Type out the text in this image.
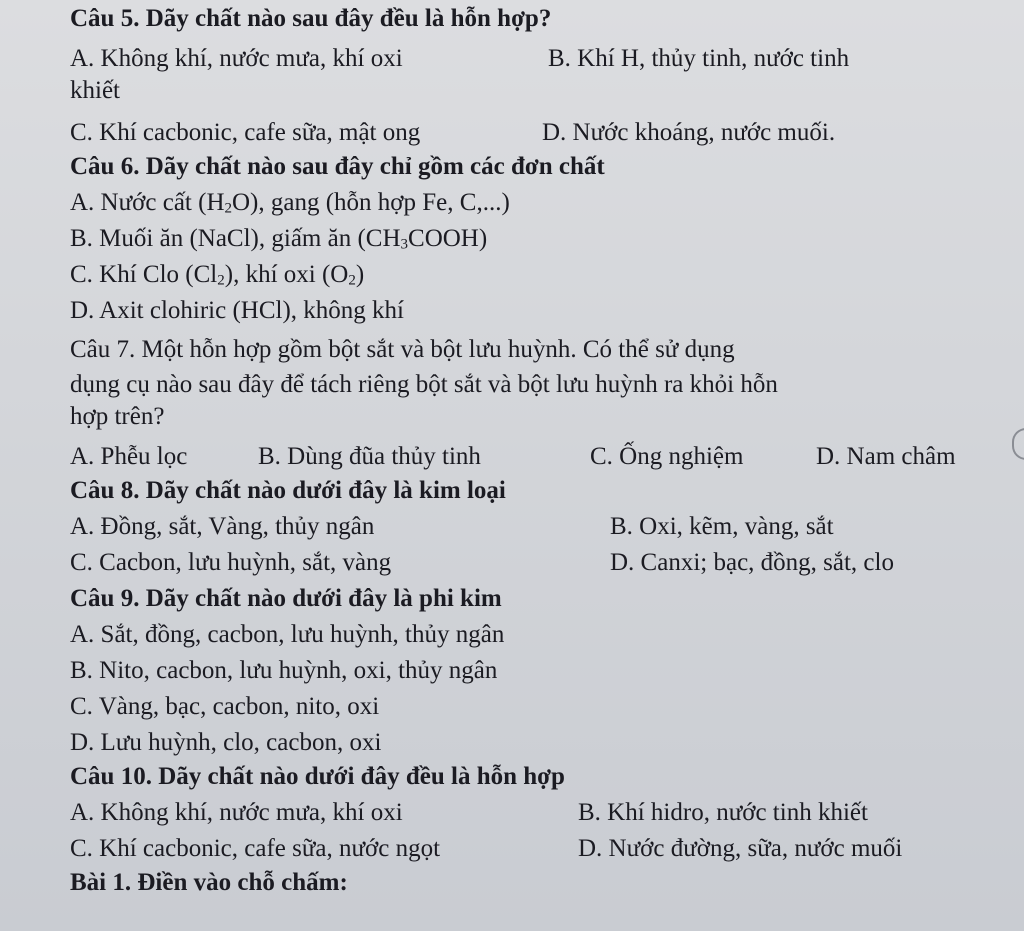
Câu 5. Dãy chất nào sau đây đều là hỗn hợp?
A. Không khí, nước mưa, khí oxi	B. Khí H, thủy tinh, nước tinh
khiết
C. Khí cacbonic, cafe sữa, mật ong	D. Nước khoáng, nước muối.
Câu 6. Dãy chất nào sau đây chỉ gồm các đơn chất
A. Nước cất $(H_2O)$, gang (hỗn hợp Fe, C,...)
B. Muối ăn (NaCl), giấm ăn $(CH_3COOH)$
C. Khí Clo $(Cl_2)$, khí oxi $(O_2)$
D. Axit clohiric (HCl), không khí
Câu 7. Một hỗn hợp gồm bột sắt và bột lưu huỳnh. Có thể sử dụng
dụng cụ nào sau đây để tách riêng bột sắt và bột lưu huỳnh ra khỏi hỗn
hợp trên?
A. Phễu lọc	B. Dùng đũa thủy tinh	C. Ống nghiệm	D. Nam châm
Câu 8. Dãy chất nào dưới đây là kim loại
A. Đồng, sắt, Vàng, thủy ngân	B. Oxi, kẽm, vàng, sắt
C. Cacbon, lưu huỳnh, sắt, vàng	D. Canxi; bạc, đồng, sắt, clo
Câu 9. Dãy chất nào dưới đây là phi kim
A. Sắt, đồng, cacbon, lưu huỳnh, thủy ngân
B. Nito, cacbon, lưu huỳnh, oxi, thủy ngân
C. Vàng, bạc, cacbon, nito, oxi
D. Lưu huỳnh, clo, cacbon, oxi
Câu 10. Dãy chất nào dưới đây đều là hỗn hợp
A. Không khí, nước mưa, khí oxi	B. Khí hidro, nước tinh khiết
C. Khí cacbonic, cafe sữa, nước ngọt	D. Nước đường, sữa, nước muối
Bài 1. Điền vào chỗ chấm:
